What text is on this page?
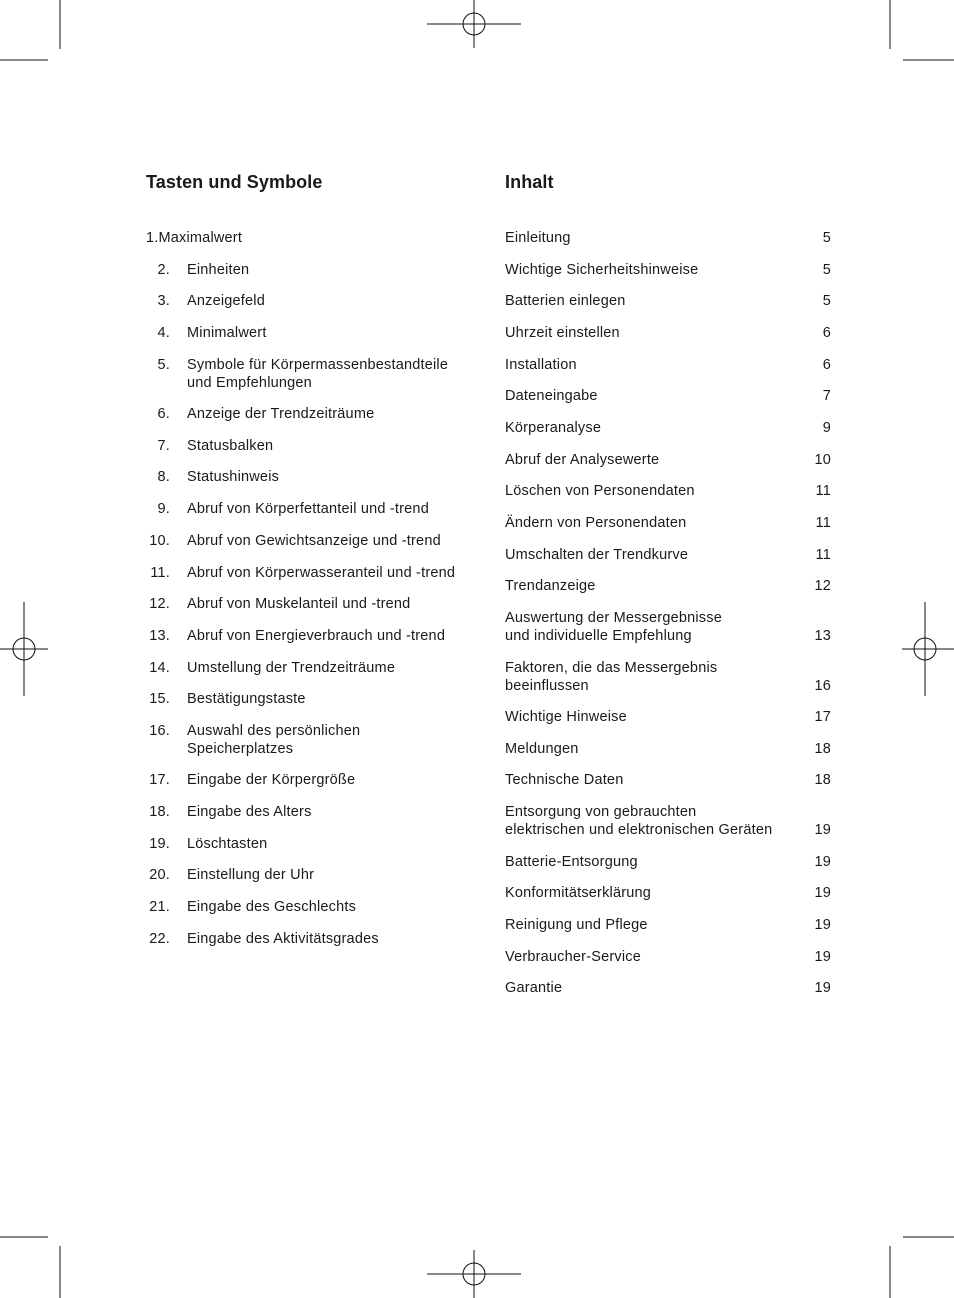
Tasten und Symbole
1.Maximalwert
2. Einheiten
3. Anzeigefeld
4. Minimalwert
5. Symbole für Körpermassenbestandteile
und Empfehlungen
6. Anzeige der Trendzeiträume
7. Statusbalken
8. Statushinweis
9. Abruf von Körperfettanteil und -trend
10. Abruf von Gewichtsanzeige und -trend
11. Abruf von Körperwasseranteil und -trend
12. Abruf von Muskelanteil und -trend
13. Abruf von Energieverbrauch und -trend
14. Umstellung der Trendzeiträume
15. Bestätigungstaste
16. Auswahl des persönlichen
Speicherplatzes
17. Eingabe der Körpergröße
18. Eingabe des Alters
19. Löschtasten
20. Einstellung der Uhr
21. Eingabe des Geschlechts
22. Eingabe des Aktivitätsgrades
Inhalt
Einleitung	5
Wichtige Sicherheitshinweise	5
Batterien einlegen	5
Uhrzeit einstellen	6
Installation	6
Dateneingabe	7
Körperanalyse	9
Abruf der Analysewerte	10
Löschen von Personendaten	11
Ändern von Personendaten	11
Umschalten der Trendkurve	11
Trendanzeige	12
Auswertung der Messergebnisse
und individuelle Empfehlung	13
Faktoren, die das Messergebnis
beeinflussen	16
Wichtige Hinweise	17
Meldungen	18
Technische Daten	18
Entsorgung von gebrauchten
elektrischen und elektronischen Geräten	19
Batterie-Entsorgung	19
Konformitätserklärung	19
Reinigung und Pflege	19
Verbraucher-Service	19
Garantie	19
